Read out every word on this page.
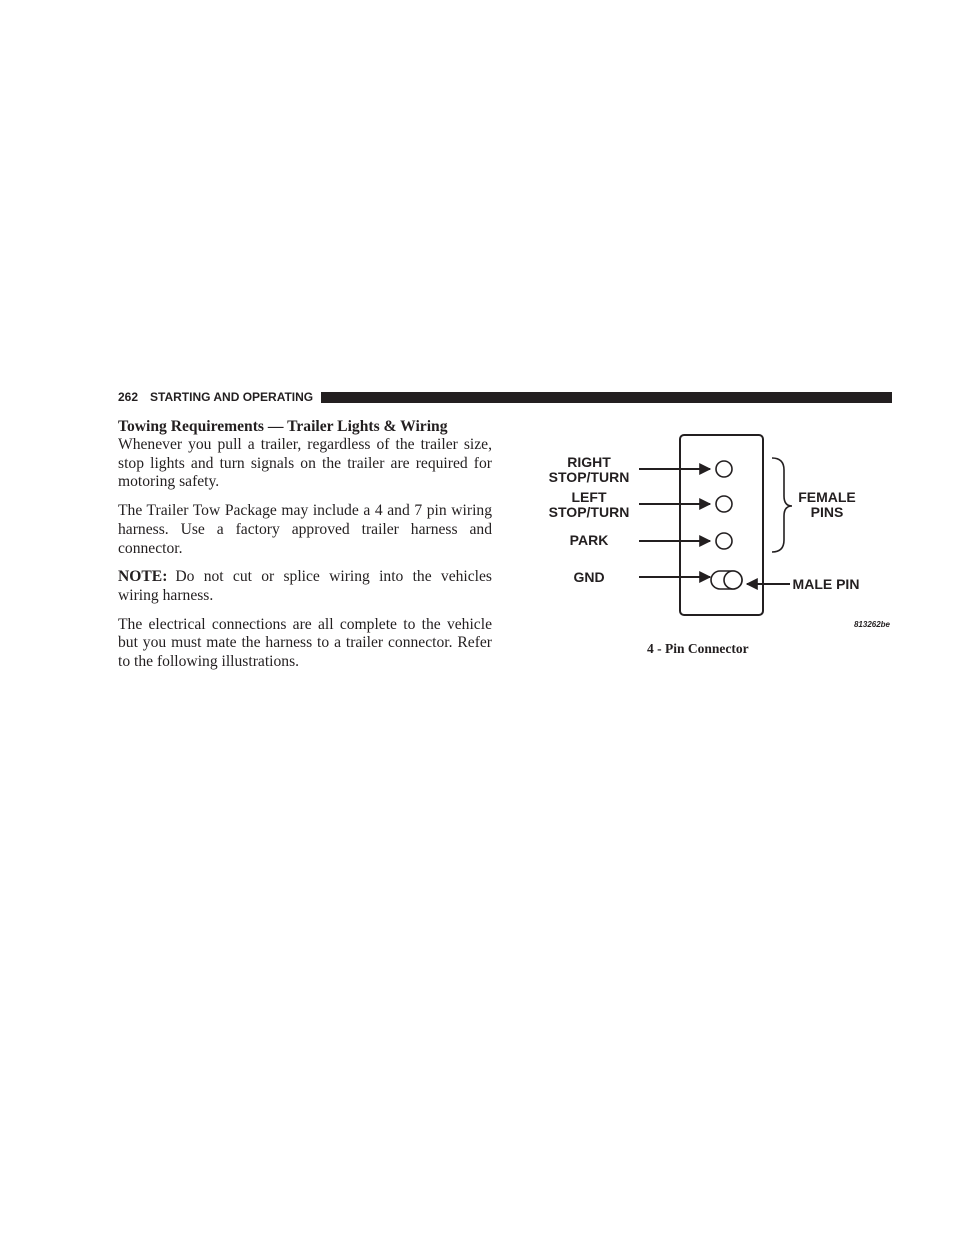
262 STARTING AND OPERATING
Towing Requirements — Trailer Lights & Wiring

Whenever you pull a trailer, regardless of the trailer size, stop lights and turn signals on the trailer are required for motoring safety.

The Trailer Tow Package may include a 4 and 7 pin wiring harness. Use a factory approved trailer harness and connector.

NOTE: Do not cut or splice wiring into the vehicles wiring harness.

The electrical connections are all complete to the vehicle but you must mate the harness to a trailer connector. Refer to the following illustrations.

RIGHT
STOP/TURN
LEFT
STOP/TURN
PARK
GND
FEMALE
PINS
MALE PIN
813262be
4 - Pin Connector
